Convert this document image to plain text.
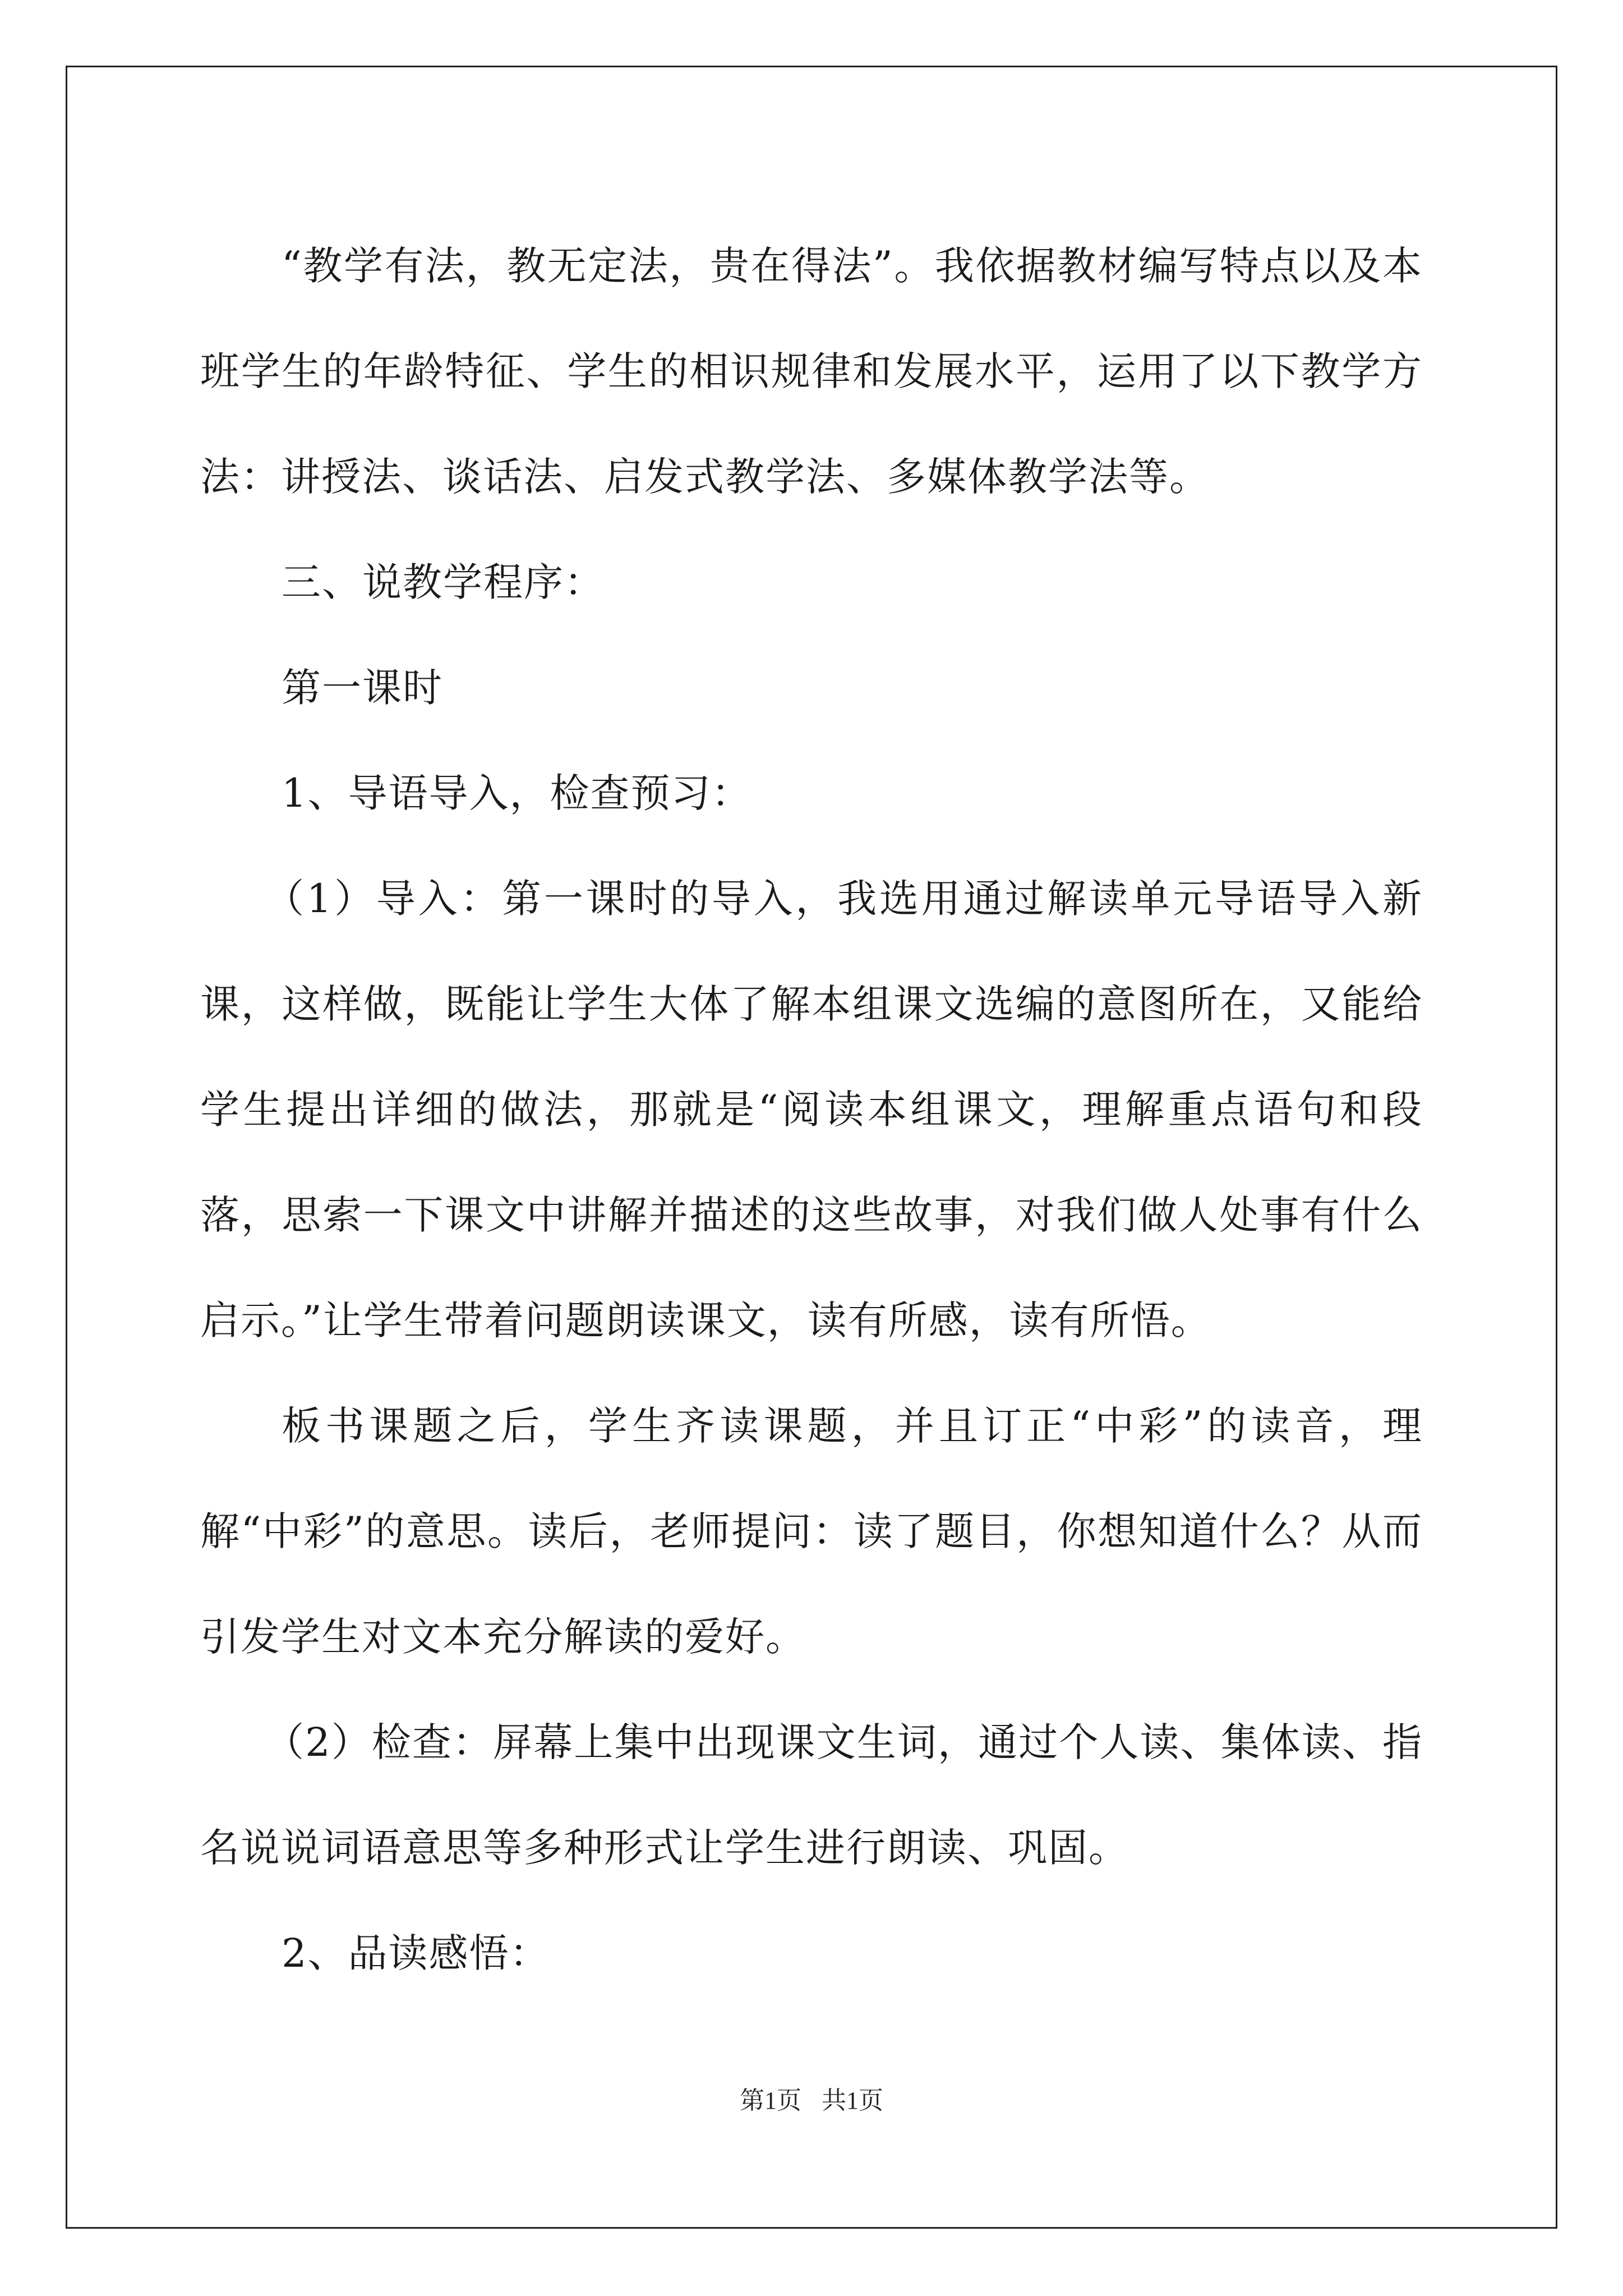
“教学有法，教无定法，贵在得法”。我依据教材编写特点以及本班学生的年龄特征、学生的相识规律和发展水平，运用了以下教学方法：讲授法、谈话法、启发式教学法、多媒体教学法等。

三、说教学程序：

第一课时

1、导语导入，检查预习：

（1）导入：第一课时的导入，我选用通过解读单元导语导入新课，这样做，既能让学生大体了解本组课文选编的意图所在，又能给学生提出详细的做法，那就是“阅读本组课文，理解重点语句和段落，思索一下课文中讲解并描述的这些故事，对我们做人处事有什么启示。”让学生带着问题朗读课文，读有所感，读有所悟。

板书课题之后，学生齐读课题，并且订正“中彩”的读音，理解“中彩”的意思。读后，老师提问：读了题目，你想知道什么？从而引发学生对文本充分解读的爱好。

（2）检查：屏幕上集中出现课文生词，通过个人读、集体读、指名说说词语意思等多种形式让学生进行朗读、巩固。

2、品读感悟：

第1页 共1页
